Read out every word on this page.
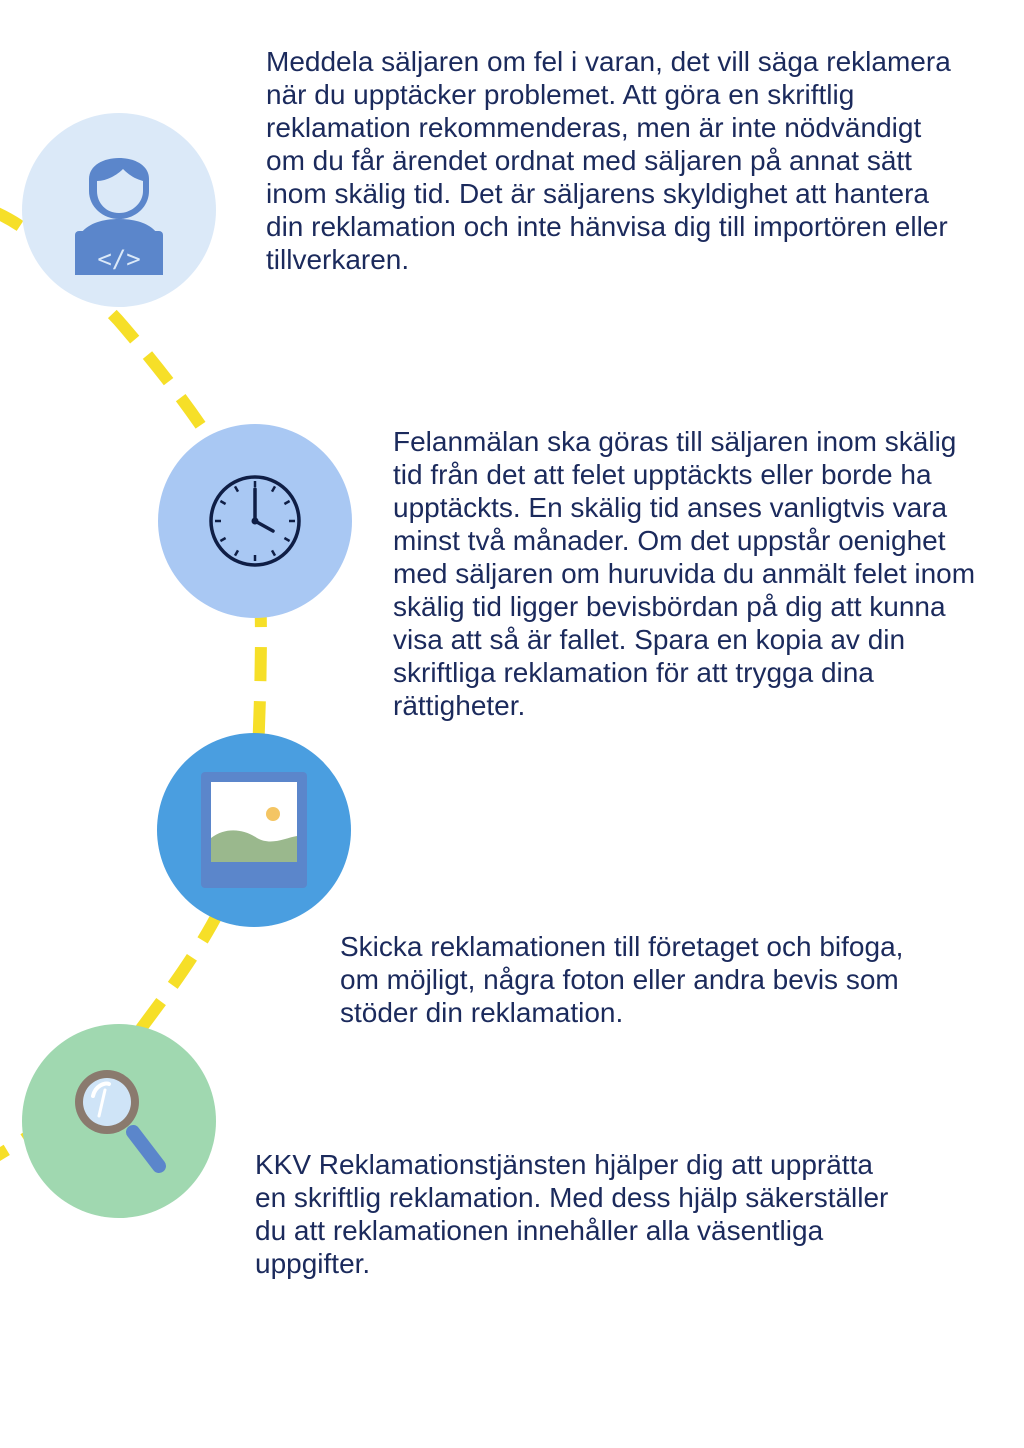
</>

Meddela säljaren om fel i varan, det vill säga reklamera när du upptäcker problemet. Att göra en skriftlig reklamation rekommenderas, men är inte nödvändigt om du får ärendet ordnat med säljaren på annat sätt inom skälig tid. Det är säljarens skyldighet att hantera din reklamation och inte hänvisa dig till importören eller tillverkaren.

Felanmälan ska göras till säljaren inom skälig tid från det att felet upptäckts eller borde ha upptäckts. En skälig tid anses vanligtvis vara minst två månader. Om det uppstår oenighet med säljaren om huruvida du anmält felet inom skälig tid ligger bevisbördan på dig att kunna visa att så är fallet. Spara en kopia av din skriftliga reklamation för att trygga dina rättigheter.

Skicka reklamationen till företaget och bifoga, om möjligt, några foton eller andra bevis som stöder din reklamation.

KKV Reklamationstjänsten hjälper dig att upprätta en skriftlig reklamation. Med dess hjälp säkerställer du att reklamationen innehåller alla väsentliga uppgifter.
